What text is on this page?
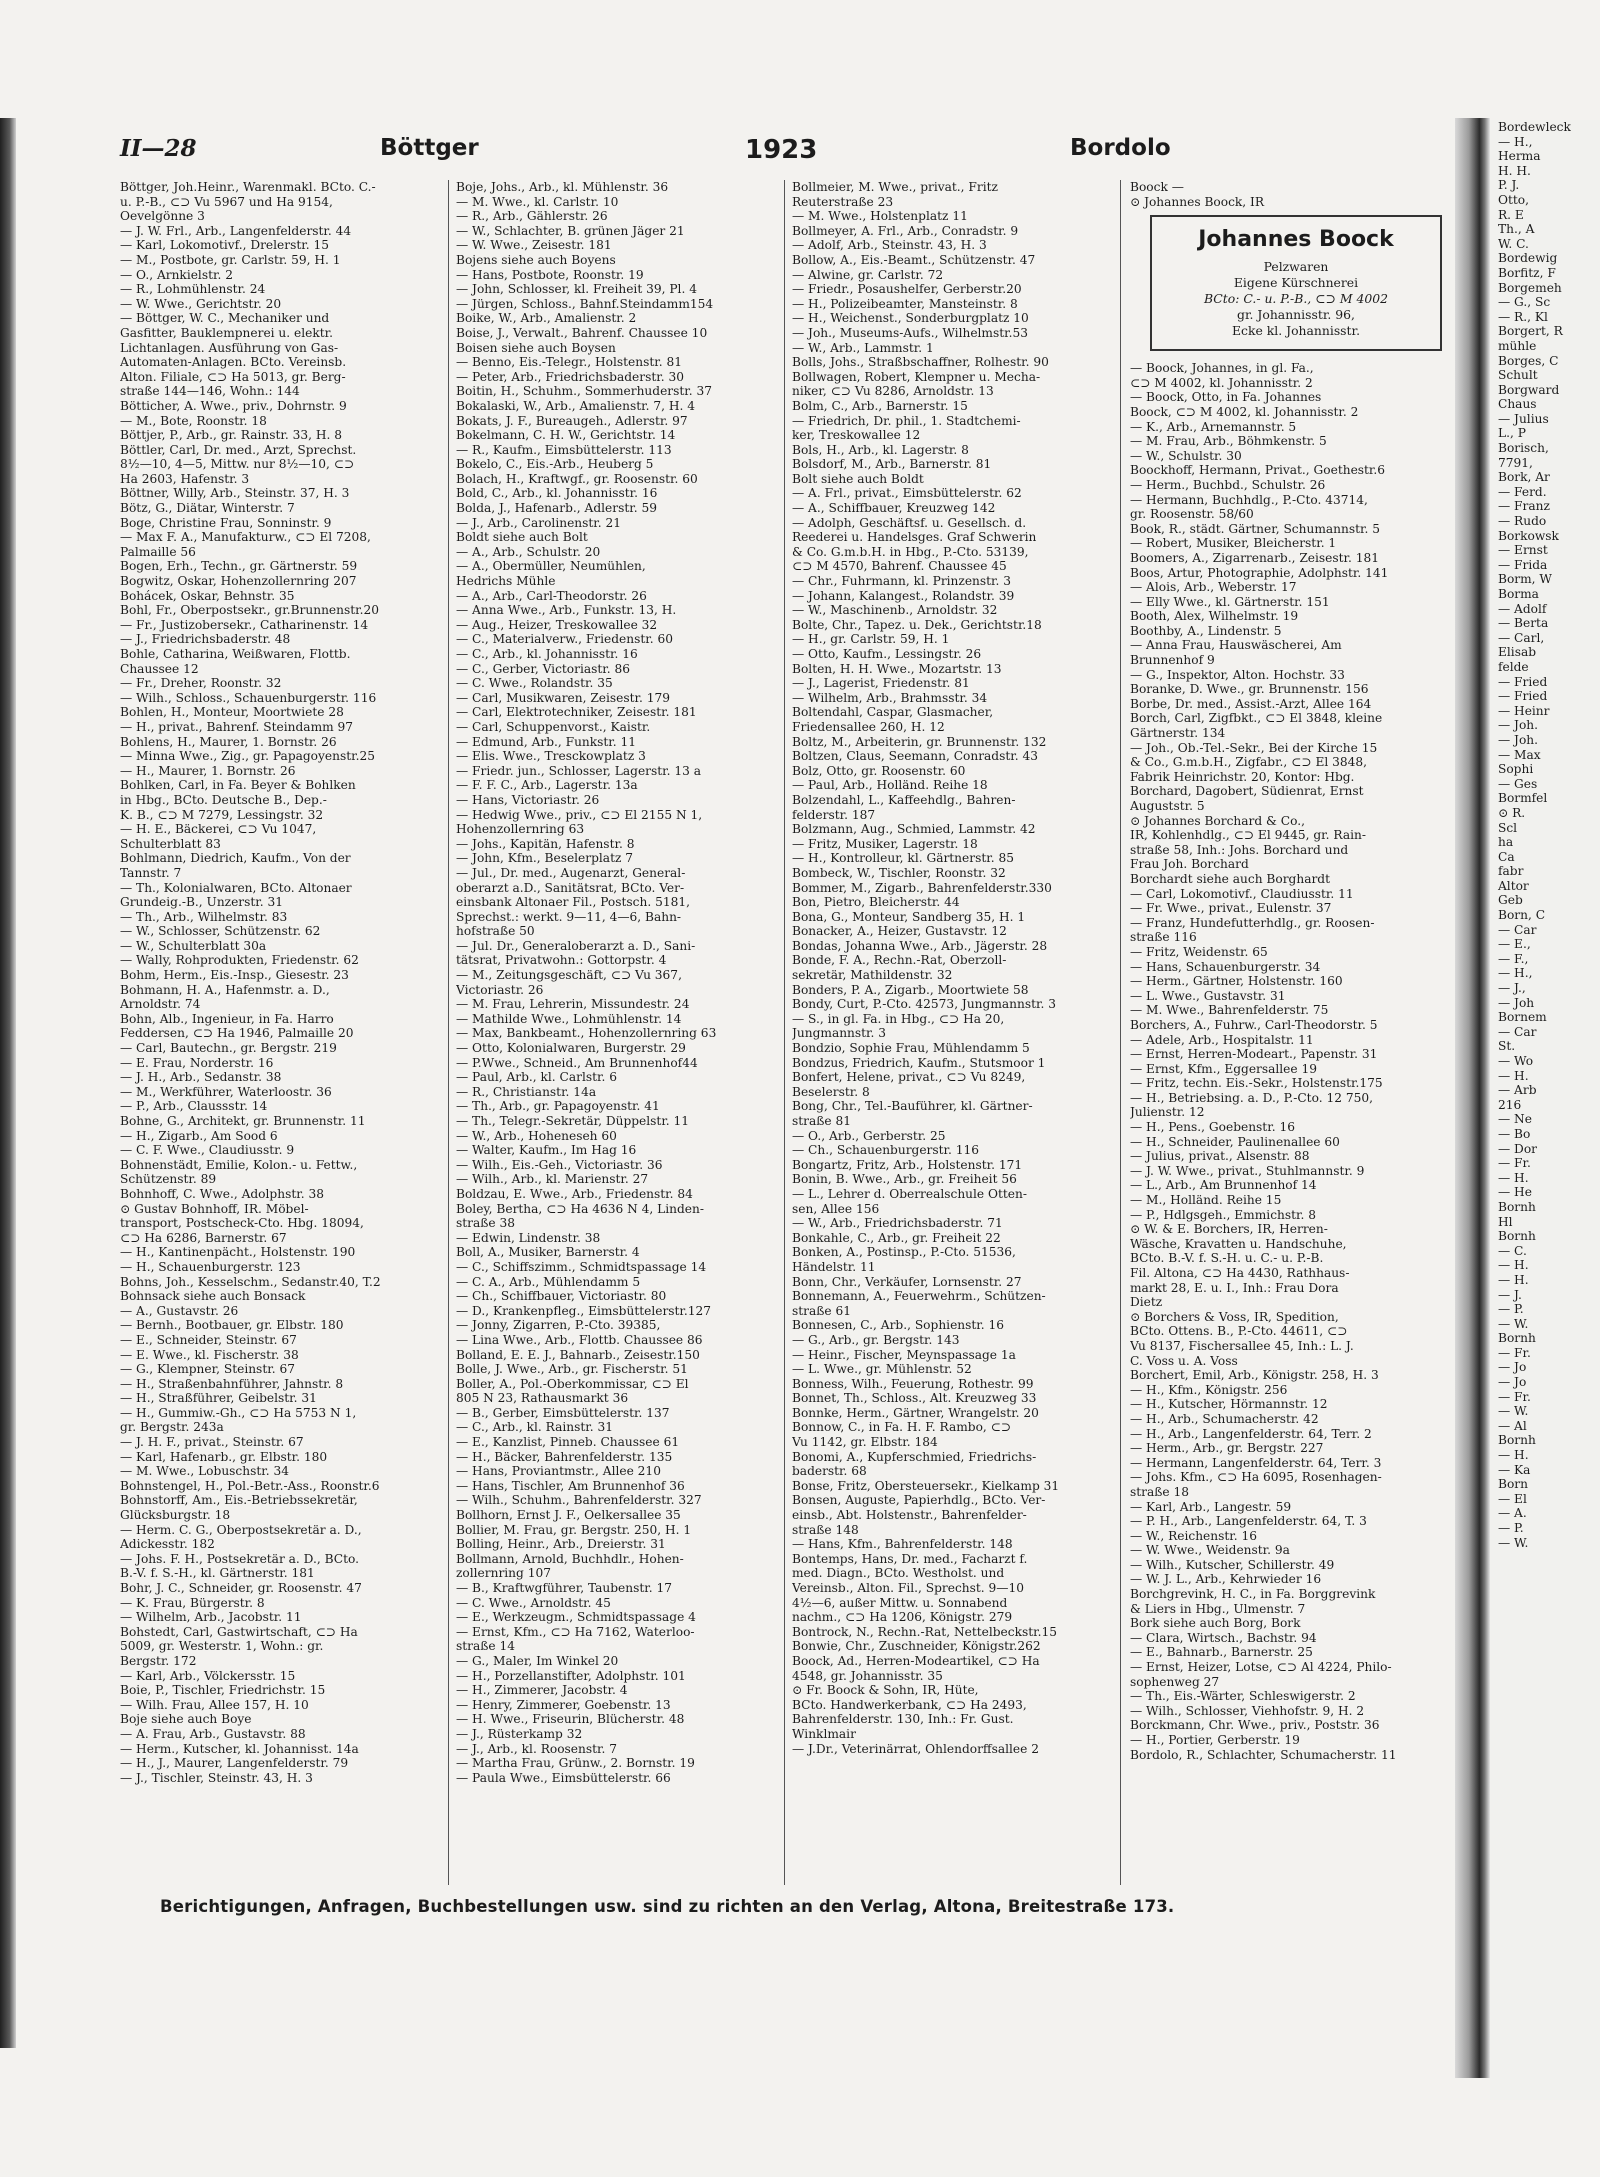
II—28	Böttger	1923	Bordolo
Böttger, Joh.Heinr., Warenmakl. BCto. C.-
u. P.-B., ⊂⊃ Vu 5967 und Ha 9154,
Oevelgönne 3
— J. W. Frl., Arb., Langenfelderstr. 44
— Karl, Lokomotivf., Drelerstr. 15
— M., Postbote, gr. Carlstr. 59, H. 1
— O., Arnkielstr. 2
— R., Lohmühlenstr. 24
— W. Wwe., Gerichtstr. 20
— Böttger, W. C., Mechaniker und
Gasfitter, Bauklempnerei u. elektr.
Lichtanlagen. Ausführung von Gas-
Automaten-Anlagen. BCto. Vereinsb.
Alton. Filiale, ⊂⊃ Ha 5013, gr. Berg-
straße 144—146, Wohn.: 144
Bötticher, A. Wwe., priv., Dohrnstr. 9
— M., Bote, Roonstr. 18
Böttjer, P., Arb., gr. Rainstr. 33, H. 8
Böttler, Carl, Dr. med., Arzt, Sprechst.
8½—10, 4—5, Mittw. nur 8½—10, ⊂⊃
Ha 2603, Hafenstr. 3
Böttner, Willy, Arb., Steinstr. 37, H. 3
Bötz, G., Diätar, Winterstr. 7
Boge, Christine Frau, Sonninstr. 9
— Max F. A., Manufakturw., ⊂⊃ El 7208,
Palmaille 56
Bogen, Erh., Techn., gr. Gärtnerstr. 59
Bogwitz, Oskar, Hohenzollernring 207
Bohácek, Oskar, Behnstr. 35
Bohl, Fr., Oberpostsekr., gr.Brunnenstr.20
— Fr., Justizobersekr., Catharinenstr. 14
— J., Friedrichsbaderstr. 48
Bohle, Catharina, Weißwaren, Flottb.
Chaussee 12
— Fr., Dreher, Roonstr. 32
— Wilh., Schloss., Schauenburgerstr. 116
Bohlen, H., Monteur, Moortwiete 28
— H., privat., Bahrenf. Steindamm 97
Bohlens, H., Maurer, 1. Bornstr. 26
— Minna Wwe., Zig., gr. Papagoyenstr.25
— H., Maurer, 1. Bornstr. 26
Bohlken, Carl, in Fa. Beyer & Bohlken
in Hbg., BCto. Deutsche B., Dep.-
K. B., ⊂⊃ M 7279, Lessingstr. 32
— H. E., Bäckerei, ⊂⊃ Vu 1047,
Schulterblatt 83
Bohlmann, Diedrich, Kaufm., Von der
Tannstr. 7
— Th., Kolonialwaren, BCto. Altonaer
Grundeig.-B., Unzerstr. 31
— Th., Arb., Wilhelmstr. 83
— W., Schlosser, Schützenstr. 62
— W., Schulterblatt 30a
— Wally, Rohprodukten, Friedenstr. 62
Bohm, Herm., Eis.-Insp., Giesestr. 23
Bohmann, H. A., Hafenmstr. a. D.,
Arnoldstr. 74
Bohn, Alb., Ingenieur, in Fa. Harro
Feddersen, ⊂⊃ Ha 1946, Palmaille 20
— Carl, Bautechn., gr. Bergstr. 219
— E. Frau, Norderstr. 16
— J. H., Arb., Sedanstr. 38
— M., Werkführer, Waterloostr. 36
— P., Arb., Claussstr. 14
Bohne, G., Architekt, gr. Brunnenstr. 11
— H., Zigarb., Am Sood 6
— C. F. Wwe., Claudiusstr. 9
Bohnenstädt, Emilie, Kolon.- u. Fettw.,
Schützenstr. 89
Bohnhoff, C. Wwe., Adolphstr. 38
⊙ Gustav Bohnhoff, IR. Möbel-
transport, Postscheck-Cto. Hbg. 18094,
⊂⊃ Ha 6286, Barnerstr. 67
— H., Kantinenpächt., Holstenstr. 190
— H., Schauenburgerstr. 123
Bohns, Joh., Kesselschm., Sedanstr.40, T.2
Bohnsack siehe auch Bonsack
— A., Gustavstr. 26
— Bernh., Bootbauer, gr. Elbstr. 180
— E., Schneider, Steinstr. 67
— E. Wwe., kl. Fischerstr. 38
— G., Klempner, Steinstr. 67
— H., Straßenbahnführer, Jahnstr. 8
— H., Straßführer, Geibelstr. 31
— H., Gummiw.-Gh., ⊂⊃ Ha 5753 N 1,
gr. Bergstr. 243a
— J. H. F., privat., Steinstr. 67
— Karl, Hafenarb., gr. Elbstr. 180
— M. Wwe., Lobuschstr. 34
Bohnstengel, H., Pol.-Betr.-Ass., Roonstr.6
Bohnstorff, Am., Eis.-Betriebssekretär,
Glücksburgstr. 18
— Herm. C. G., Oberpostsekretär a. D.,
Adickesstr. 182
— Johs. F. H., Postsekretär a. D., BCto.
B.-V. f. S.-H., kl. Gärtnerstr. 181
Bohr, J. C., Schneider, gr. Roosenstr. 47
— K. Frau, Bürgerstr. 8
— Wilhelm, Arb., Jacobstr. 11
Bohstedt, Carl, Gastwirtschaft, ⊂⊃ Ha
5009, gr. Westerstr. 1, Wohn.: gr.
Bergstr. 172
— Karl, Arb., Völckersstr. 15
Boie, P., Tischler, Friedrichstr. 15
— Wilh. Frau, Allee 157, H. 10
Boje siehe auch Boye
— A. Frau, Arb., Gustavstr. 88
— Herm., Kutscher, kl. Johannisst. 14a
— H., J., Maurer, Langenfelderstr. 79
— J., Tischler, Steinstr. 43, H. 3
Boje, Johs., Arb., kl. Mühlenstr. 36
— M. Wwe., kl. Carlstr. 10
— R., Arb., Gählerstr. 26
— W., Schlachter, B. grünen Jäger 21
— W. Wwe., Zeisestr. 181
Bojens siehe auch Boyens
— Hans, Postbote, Roonstr. 19
— John, Schlosser, kl. Freiheit 39, Pl. 4
— Jürgen, Schloss., Bahnf.Steindamm154
Boike, W., Arb., Amalienstr. 2
Boise, J., Verwalt., Bahrenf. Chaussee 10
Boisen siehe auch Boysen
— Benno, Eis.-Telegr., Holstenstr. 81
— Peter, Arb., Friedrichsbaderstr. 30
Boitin, H., Schuhm., Sommerhuderstr. 37
Bokalaski, W., Arb., Amalienstr. 7, H. 4
Bokats, J. F., Bureaugeh., Adlerstr. 97
Bokelmann, C. H. W., Gerichtstr. 14
— R., Kaufm., Eimsbüttelerstr. 113
Bokelo, C., Eis.-Arb., Heuberg 5
Bolach, H., Kraftwgf., gr. Roosenstr. 60
Bold, C., Arb., kl. Johannisstr. 16
Bolda, J., Hafenarb., Adlerstr. 59
— J., Arb., Carolinenstr. 21
Boldt siehe auch Bolt
— A., Arb., Schulstr. 20
— A., Obermüller, Neumühlen,
Hedrichs Mühle
— A., Arb., Carl-Theodorstr. 26
— Anna Wwe., Arb., Funkstr. 13, H.
— Aug., Heizer, Treskowallee 32
— C., Materialverw., Friedenstr. 60
— C., Arb., kl. Johannisstr. 16
— C., Gerber, Victoriastr. 86
— C. Wwe., Rolandstr. 35
— Carl, Musikwaren, Zeisestr. 179
— Carl, Elektrotechniker, Zeisestr. 181
— Carl, Schuppenvorst., Kaistr.
— Edmund, Arb., Funkstr. 11
— Elis. Wwe., Tresckowplatz 3
— Friedr. jun., Schlosser, Lagerstr. 13 a
— F. F. C., Arb., Lagerstr. 13a
— Hans, Victoriastr. 26
— Hedwig Wwe., priv., ⊂⊃ El 2155 N 1,
Hohenzollernring 63
— Johs., Kapitän, Hafenstr. 8
— John, Kfm., Beselerplatz 7
— Jul., Dr. med., Augenarzt, General-
oberarzt a.D., Sanitätsrat, BCto. Ver-
einsbank Altonaer Fil., Postsch. 5181,
Sprechst.: werkt. 9—11, 4—6, Bahn-
hofstraße 50
— Jul. Dr., Generaloberarzt a. D., Sani-
tätsrat, Privatwohn.: Gottorpstr. 4
— M., Zeitungsgeschäft, ⊂⊃ Vu 367,
Victoriastr. 26
— M. Frau, Lehrerin, Missundestr. 24
— Mathilde Wwe., Lohmühlenstr. 14
— Max, Bankbeamt., Hohenzollernring 63
— Otto, Kolonialwaren, Burgerstr. 29
— P.Wwe., Schneid., Am Brunnenhof44
— Paul, Arb., kl. Carlstr. 6
— R., Christianstr. 14a
— Th., Arb., gr. Papagoyenstr. 41
— Th., Telegr.-Sekretär, Düppelstr. 11
— W., Arb., Hoheneseh 60
— Walter, Kaufm., Im Hag 16
— Wilh., Eis.-Geh., Victoriastr. 36
— Wilh., Arb., kl. Marienstr. 27
Boldzau, E. Wwe., Arb., Friedenstr. 84
Boley, Bertha, ⊂⊃ Ha 4636 N 4, Linden-
straße 38
— Edwin, Lindenstr. 38
Boll, A., Musiker, Barnerstr. 4
— C., Schiffszimm., Schmidtspassage 14
— C. A., Arb., Mühlendamm 5
— Ch., Schiffbauer, Victoriastr. 80
— D., Krankenpfleg., Eimsbüttelerstr.127
— Jonny, Zigarren, P.-Cto. 39385,
— Lina Wwe., Arb., Flottb. Chaussee 86
Bolland, E. E. J., Bahnarb., Zeisestr.150
Bolle, J. Wwe., Arb., gr. Fischerstr. 51
Boller, A., Pol.-Oberkommissar, ⊂⊃ El
805 N 23, Rathausmarkt 36
— B., Gerber, Eimsbüttelerstr. 137
— C., Arb., kl. Rainstr. 31
— E., Kanzlist, Pinneb. Chaussee 61
— H., Bäcker, Bahrenfelderstr. 135
— Hans, Proviantmstr., Allee 210
— Hans, Tischler, Am Brunnenhof 36
— Wilh., Schuhm., Bahrenfelderstr. 327
Bollhorn, Ernst J. F., Oelkersallee 35
Bollier, M. Frau, gr. Bergstr. 250, H. 1
Bolling, Heinr., Arb., Dreierstr. 31
Bollmann, Arnold, Buchhdlr., Hohen-
zollernring 107
— B., Kraftwgführer, Taubenstr. 17
— C. Wwe., Arnoldstr. 45
— E., Werkzeugm., Schmidtspassage 4
— Ernst, Kfm., ⊂⊃ Ha 7162, Waterloo-
straße 14
— G., Maler, Im Winkel 20
— H., Porzellanstifter, Adolphstr. 101
— H., Zimmerer, Jacobstr. 4
— Henry, Zimmerer, Goebenstr. 13
— H. Wwe., Friseurin, Blücherstr. 48
— J., Rüsterkamp 32
— J., Arb., kl. Roosenstr. 7
— Martha Frau, Grünw., 2. Bornstr. 19
— Paula Wwe., Eimsbüttelerstr. 66
Bollmeier, M. Wwe., privat., Fritz
Reuterstraße 23
— M. Wwe., Holstenplatz 11
Bollmeyer, A. Frl., Arb., Conradstr. 9
— Adolf, Arb., Steinstr. 43, H. 3
Bollow, A., Eis.-Beamt., Schützenstr. 47
— Alwine, gr. Carlstr. 72
— Friedr., Posaushelfer, Gerberstr.20
— H., Polizeibeamter, Mansteinstr. 8
— H., Weichenst., Sonderburgplatz 10
— Joh., Museums-Aufs., Wilhelmstr.53
— W., Arb., Lammstr. 1
Bolls, Johs., Straßbschaffner, Rolhestr. 90
Bollwagen, Robert, Klempner u. Mecha-
niker, ⊂⊃ Vu 8286, Arnoldstr. 13
Bolm, C., Arb., Barnerstr. 15
— Friedrich, Dr. phil., 1. Stadtchemi-
ker, Treskowallee 12
Bols, H., Arb., kl. Lagerstr. 8
Bolsdorf, M., Arb., Barnerstr. 81
Bolt siehe auch Boldt
— A. Frl., privat., Eimsbüttelerstr. 62
— A., Schiffbauer, Kreuzweg 142
— Adolph, Geschäftsf. u. Gesellsch. d.
Reederei u. Handelsges. Graf Schwerin
& Co. G.m.b.H. in Hbg., P.-Cto. 53139,
⊂⊃ M 4570, Bahrenf. Chaussee 45
— Chr., Fuhrmann, kl. Prinzenstr. 3
— Johann, Kalangest., Rolandstr. 39
— W., Maschinenb., Arnoldstr. 32
Bolte, Chr., Tapez. u. Dek., Gerichtstr.18
— H., gr. Carlstr. 59, H. 1
— Otto, Kaufm., Lessingstr. 26
Bolten, H. H. Wwe., Mozartstr. 13
— J., Lagerist, Friedenstr. 81
— Wilhelm, Arb., Brahmsstr. 34
Boltendahl, Caspar, Glasmacher,
Friedensallee 260, H. 12
Boltz, M., Arbeiterin, gr. Brunnenstr. 132
Boltzen, Claus, Seemann, Conradstr. 43
Bolz, Otto, gr. Roosenstr. 60
— Paul, Arb., Holländ. Reihe 18
Bolzendahl, L., Kaffeehdlg., Bahren-
felderstr. 187
Bolzmann, Aug., Schmied, Lammstr. 42
— Fritz, Musiker, Lagerstr. 18
— H., Kontrolleur, kl. Gärtnerstr. 85
Bombeck, W., Tischler, Roonstr. 32
Bommer, M., Zigarb., Bahrenfelderstr.330
Bon, Pietro, Bleicherstr. 44
Bona, G., Monteur, Sandberg 35, H. 1
Bonacker, A., Heizer, Gustavstr. 12
Bondas, Johanna Wwe., Arb., Jägerstr. 28
Bonde, F. A., Rechn.-Rat, Oberzoll-
sekretär, Mathildenstr. 32
Bonders, P. A., Zigarb., Moortwiete 58
Bondy, Curt, P.-Cto. 42573, Jungmannstr. 3
— S., in gl. Fa. in Hbg., ⊂⊃ Ha 20,
Jungmannstr. 3
Bondzio, Sophie Frau, Mühlendamm 5
Bondzus, Friedrich, Kaufm., Stutsmoor 1
Bonfert, Helene, privat., ⊂⊃ Vu 8249,
Beselerstr. 8
Bong, Chr., Tel.-Bauführer, kl. Gärtner-
straße 81
— O., Arb., Gerberstr. 25
— Ch., Schauenburgerstr. 116
Bongartz, Fritz, Arb., Holstenstr. 171
Bonin, B. Wwe., Arb., gr. Freiheit 56
— L., Lehrer d. Oberrealschule Otten-
sen, Allee 156
— W., Arb., Friedrichsbaderstr. 71
Bonkahle, C., Arb., gr. Freiheit 22
Bonken, A., Postinsp., P.-Cto. 51536,
Händelstr. 11
Bonn, Chr., Verkäufer, Lornsenstr. 27
Bonnemann, A., Feuerwehrm., Schützen-
straße 61
Bonnesen, C., Arb., Sophienstr. 16
— G., Arb., gr. Bergstr. 143
— Heinr., Fischer, Meynspassage 1a
— L. Wwe., gr. Mühlenstr. 52
Bonness, Wilh., Feuerung, Rothestr. 99
Bonnet, Th., Schloss., Alt. Kreuzweg 33
Bonnke, Herm., Gärtner, Wrangelstr. 20
Bonnow, C., in Fa. H. F. Rambo, ⊂⊃
Vu 1142, gr. Elbstr. 184
Bonomi, A., Kupferschmied, Friedrichs-
baderstr. 68
Bonse, Fritz, Obersteuersekr., Kielkamp 31
Bonsen, Auguste, Papierhdlg., BCto. Ver-
einsb., Abt. Holstenstr., Bahrenfelder-
straße 148
— Hans, Kfm., Bahrenfelderstr. 148
Bontemps, Hans, Dr. med., Facharzt f.
med. Diagn., BCto. Westholst. und
Vereinsb., Alton. Fil., Sprechst. 9—10
4½—6, außer Mittw. u. Sonnabend
nachm., ⊂⊃ Ha 1206, Königstr. 279
Bontrock, N., Rechn.-Rat, Nettelbeckstr.15
Bonwie, Chr., Zuschneider, Königstr.262
Boock, Ad., Herren-Modeartikel, ⊂⊃ Ha
4548, gr. Johannisstr. 35
⊙ Fr. Boock & Sohn, IR, Hüte,
BCto. Handwerkerbank, ⊂⊃ Ha 2493,
Bahrenfelderstr. 130, Inh.: Fr. Gust.
Winklmair
— J.Dr., Veterinärrat, Ohlendorffsallee 2
Boock —
⊙ Johannes Boock, IR
Johannes Boock
Pelzwaren
Eigene Kürschnerei
BCto: C.- u. P.-B., ⊂⊃ M 4002
gr. Johannisstr. 96,
Ecke kl. Johannisstr.
— Boock, Johannes, in gl. Fa.,
⊂⊃ M 4002, kl. Johannisstr. 2
— Boock, Otto, in Fa. Johannes
Boock, ⊂⊃ M 4002, kl. Johannisstr. 2
— K., Arb., Arnemannstr. 5
— M. Frau, Arb., Böhmkenstr. 5
— W., Schulstr. 30
Boockhoff, Hermann, Privat., Goethestr.6
— Herm., Buchbd., Schulstr. 26
— Hermann, Buchhdlg., P.-Cto. 43714,
gr. Roosenstr. 58/60
Book, R., städt. Gärtner, Schumannstr. 5
— Robert, Musiker, Bleicherstr. 1
Boomers, A., Zigarrenarb., Zeisestr. 181
Boos, Artur, Photographie, Adolphstr. 141
— Alois, Arb., Weberstr. 17
— Elly Wwe., kl. Gärtnerstr. 151
Booth, Alex, Wilhelmstr. 19
Boothby, A., Lindenstr. 5
— Anna Frau, Hauswäscherei, Am
Brunnenhof 9
— G., Inspektor, Alton. Hochstr. 33
Boranke, D. Wwe., gr. Brunnenstr. 156
Borbe, Dr. med., Assist.-Arzt, Allee 164
Borch, Carl, Zigfbkt., ⊂⊃ El 3848, kleine
Gärtnerstr. 134
— Joh., Ob.-Tel.-Sekr., Bei der Kirche 15
& Co., G.m.b.H., Zigfabr., ⊂⊃ El 3848,
Fabrik Heinrichstr. 20, Kontor: Hbg.
Borchard, Dagobert, Südienrat, Ernst
Auguststr. 5
⊙ Johannes Borchard & Co.,
IR, Kohlenhdlg., ⊂⊃ El 9445, gr. Rain-
straße 58, Inh.: Johs. Borchard und
Frau Joh. Borchard
Borchardt siehe auch Borghardt
— Carl, Lokomotivf., Claudiusstr. 11
— Fr. Wwe., privat., Eulenstr. 37
— Franz, Hundefutterhdlg., gr. Roosen-
straße 116
— Fritz, Weidenstr. 65
— Hans, Schauenburgerstr. 34
— Herm., Gärtner, Holstenstr. 160
— L. Wwe., Gustavstr. 31
— M. Wwe., Bahrenfelderstr. 75
Borchers, A., Fuhrw., Carl-Theodorstr. 5
— Adele, Arb., Hospitalstr. 11
— Ernst, Herren-Modeart., Papenstr. 31
— Ernst, Kfm., Eggersallee 19
— Fritz, techn. Eis.-Sekr., Holstenstr.175
— H., Betriebsing. a. D., P.-Cto. 12 750,
Julienstr. 12
— H., Pens., Goebenstr. 16
— H., Schneider, Paulinenallee 60
— Julius, privat., Alsenstr. 88
— J. W. Wwe., privat., Stuhlmannstr. 9
— L., Arb., Am Brunnenhof 14
— M., Holländ. Reihe 15
— P., Hdlgsgeh., Emmichstr. 8
⊙ W. & E. Borchers, IR, Herren-
Wäsche, Kravatten u. Handschuhe,
BCto. B.-V. f. S.-H. u. C.- u. P.-B.
Fil. Altona, ⊂⊃ Ha 4430, Rathhaus-
markt 28, E. u. I., Inh.: Frau Dora
Dietz
⊙ Borchers & Voss, IR, Spedition,
BCto. Ottens. B., P.-Cto. 44611, ⊂⊃
Vu 8137, Fischersallee 45, Inh.: L. J.
C. Voss u. A. Voss
Borchert, Emil, Arb., Königstr. 258, H. 3
— H., Kfm., Königstr. 256
— H., Kutscher, Hörmannstr. 12
— H., Arb., Schumacherstr. 42
— H., Arb., Langenfelderstr. 64, Terr. 2
— Herm., Arb., gr. Bergstr. 227
— Hermann, Langenfelderstr. 64, Terr. 3
— Johs. Kfm., ⊂⊃ Ha 6095, Rosenhagen-
straße 18
— Karl, Arb., Langestr. 59
— P. H., Arb., Langenfelderstr. 64, T. 3
— W., Reichenstr. 16
— W. Wwe., Weidenstr. 9a
— Wilh., Kutscher, Schillerstr. 49
— W. J. L., Arb., Kehrwieder 16
Borchgrevink, H. C., in Fa. Borggrevink
& Liers in Hbg., Ulmenstr. 7
Bork siehe auch Borg, Bork
— Clara, Wirtsch., Bachstr. 94
— E., Bahnarb., Barnerstr. 25
— Ernst, Heizer, Lotse, ⊂⊃ Al 4224, Philo-
sophenweg 27
— Th., Eis.-Wärter, Schleswigerstr. 2
— Wilh., Schlosser, Viehhofstr. 9, H. 2
Borckmann, Chr. Wwe., priv., Poststr. 36
— H., Portier, Gerberstr. 19
Bordolo, R., Schlachter, Schumacherstr. 11
Berichtigungen, Anfragen, Buchbestellungen usw. sind zu richten an den Verlag, Altona, Breitestraße 173.
Bordewleck
— H.,
Herma
H. H.
P. J.
Otto,
R. E
Th., A
W. C.
Bordewig
Borfitz, F
Borgemeh
— G., Sc
— R., Kl
Borgert, R
mühle
Borges, C
Schult
Borgward
Chaus
— Julius
L., P
Borisch,
7791,
Bork, Ar
— Ferd.
— Franz
— Rudo
Borkowsk
— Ernst
— Frida
Borm, W
Borma
— Adolf
— Berta
— Carl,
Elisab
felde
— Fried
— Fried
— Heinr
— Joh.
— Joh.
— Max
Sophi
— Ges
Bormfel
⊙ R.
Scl
ha
Ca
fabr
Altor
Geb
Born, C
— Car
— E.,
— F.,
— H.,
— J.,
— Joh
Bornem
— Car
St.
— Wo
— H.
— Arb
216
— Ne
— Bo
— Dor
— Fr.
— H.
— He
Bornh
Hl
Bornh
— C.
— H.
— H.
— J.
— P.
— W.
Bornh
— Fr.
— Jo
— Jo
— Fr.
— W.
— Al
Bornh
— H.
— Ka
Born
— El
— A.
— P.
— W.
